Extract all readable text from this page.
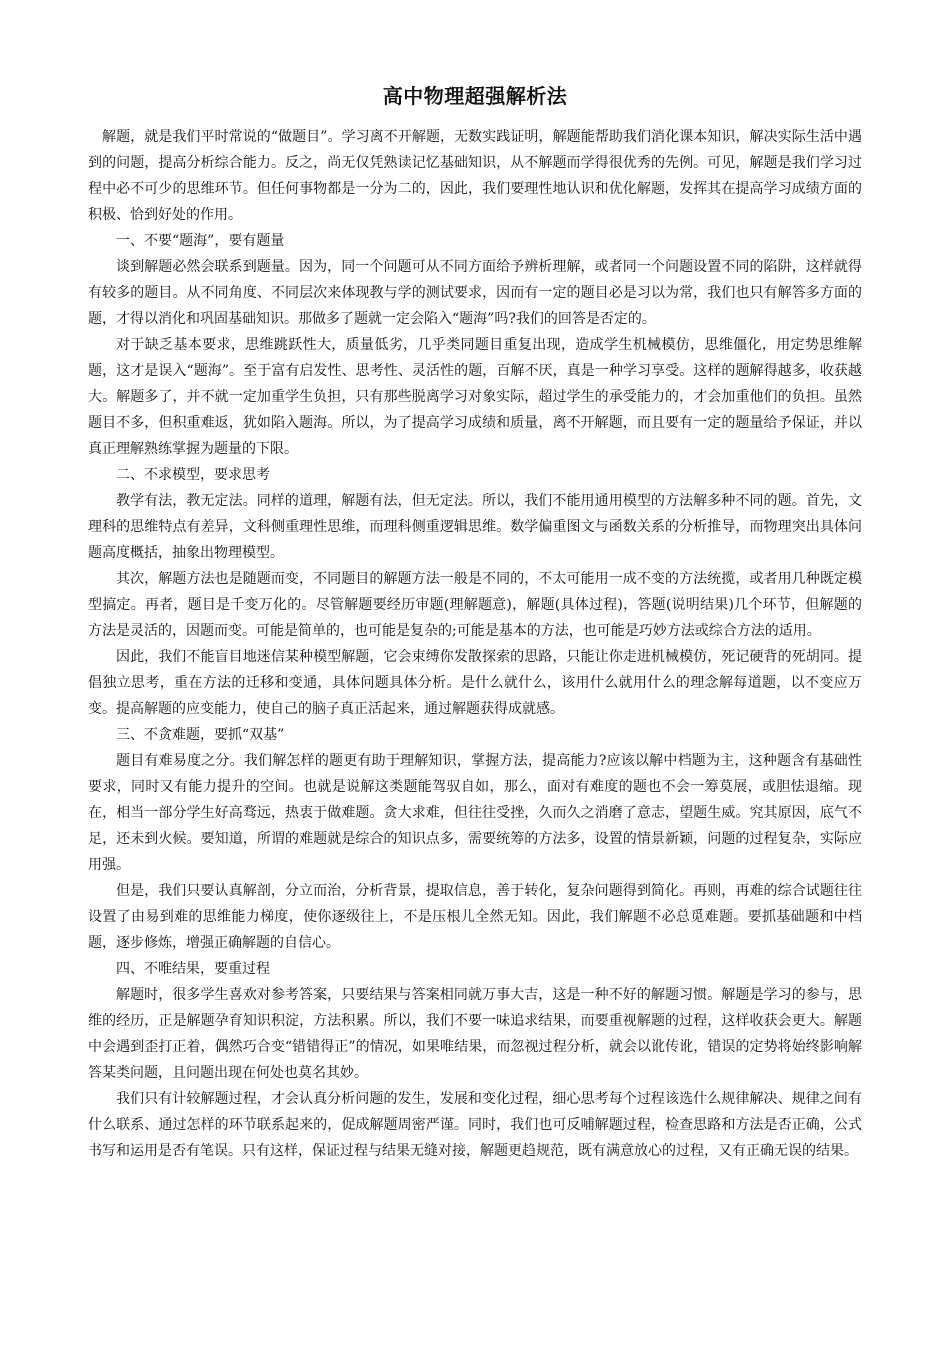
高中物理超强解析法

解题，就是我们平时常说的“做题目”。学习离不开解题，无数实践证明，解题能帮助我们消化课本知识，解决实际生活中遇到的问题，提高分析综合能力。反之，尚无仅凭熟读记忆基础知识，从不解题而学得很优秀的先例。可见，解题是我们学习过程中必不可少的思维环节。但任何事物都是一分为二的，因此，我们要理性地认识和优化解题，发挥其在提高学习成绩方面的积极、恰到好处的作用。

一、不要“题海”，要有题量

谈到解题必然会联系到题量。因为，同一个问题可从不同方面给予辨析理解，或者同一个问题设置不同的陷阱，这样就得有较多的题目。从不同角度、不同层次来体现教与学的测试要求，因而有一定的题目必是习以为常，我们也只有解答多方面的题，才得以消化和巩固基础知识。那做多了题就一定会陷入“题海”吗?我们的回答是否定的。

对于缺乏基本要求，思维跳跃性大，质量低劣，几乎类同题目重复出现，造成学生机械模仿，思维僵化，用定势思维解题，这才是误入“题海”。至于富有启发性、思考性、灵活性的题，百解不厌，真是一种学习享受。这样的题解得越多，收获越大。解题多了，并不就一定加重学生负担，只有那些脱离学习对象实际，超过学生的承受能力的，才会加重他们的负担。虽然题目不多，但积重难返，犹如陷入题海。所以，为了提高学习成绩和质量，离不开解题，而且要有一定的题量给予保证，并以真正理解熟练掌握为题量的下限。

二、不求模型，要求思考

教学有法，教无定法。同样的道理，解题有法，但无定法。所以，我们不能用通用模型的方法解多种不同的题。首先，文理科的思维特点有差异，文科侧重理性思维，而理科侧重逻辑思维。数学偏重图文与函数关系的分析推导，而物理突出具体问题高度概括，抽象出物理模型。

其次，解题方法也是随题而变，不同题目的解题方法一般是不同的，不太可能用一成不变的方法统揽，或者用几种既定模型搞定。再者，题目是千变万化的。尽管解题要经历审题(理解题意)，解题(具体过程)，答题(说明结果)几个环节，但解题的方法是灵活的，因题而变。可能是简单的，也可能是复杂的;可能是基本的方法，也可能是巧妙方法或综合方法的适用。

因此，我们不能盲目地迷信某种模型解题，它会束缚你发散探索的思路，只能让你走进机械模仿，死记硬背的死胡同。提倡独立思考，重在方法的迁移和变通，具体问题具体分析。是什么就什么，该用什么就用什么的理念解每道题，以不变应万变。提高解题的应变能力，使自己的脑子真正活起来，通过解题获得成就感。

三、不贪难题，要抓“双基”

题目有难易度之分。我们解怎样的题更有助于理解知识，掌握方法，提高能力?应该以解中档题为主，这种题含有基础性要求，同时又有能力提升的空间。也就是说解这类题能驾驭自如，那么，面对有难度的题也不会一筹莫展，或胆怯退缩。现在，相当一部分学生好高骛远，热衷于做难题。贪大求难，但往往受挫，久而久之消磨了意志，望题生威。究其原因，底气不足，还未到火候。要知道，所谓的难题就是综合的知识点多，需要统筹的方法多，设置的情景新颖，问题的过程复杂，实际应用强。

但是，我们只要认真解剖，分立而治，分析背景，提取信息，善于转化，复杂问题得到简化。再则，再难的综合试题往往设置了由易到难的思维能力梯度，使你逐级往上，不是压根儿全然无知。因此，我们解题不必总觅难题。要抓基础题和中档题，逐步修炼，增强正确解题的自信心。

四、不唯结果，要重过程

解题时，很多学生喜欢对参考答案，只要结果与答案相同就万事大吉，这是一种不好的解题习惯。解题是学习的参与，思维的经历，正是解题孕育知识积淀，方法积累。所以，我们不要一味追求结果，而要重视解题的过程，这样收获会更大。解题中会遇到歪打正着，偶然巧合变“错错得正”的情况，如果唯结果，而忽视过程分析，就会以讹传讹，错误的定势将始终影响解答某类问题，且问题出现在何处也莫名其妙。

我们只有计较解题过程，才会认真分析问题的发生，发展和变化过程，细心思考每个过程该选什么规律解决、规律之间有什么联系、通过怎样的环节联系起来的，促成解题周密严谨。同时，我们也可反哺解题过程，检查思路和方法是否正确，公式书写和运用是否有笔误。只有这样，保证过程与结果无缝对接，解题更趋规范，既有满意放心的过程，又有正确无误的结果。
